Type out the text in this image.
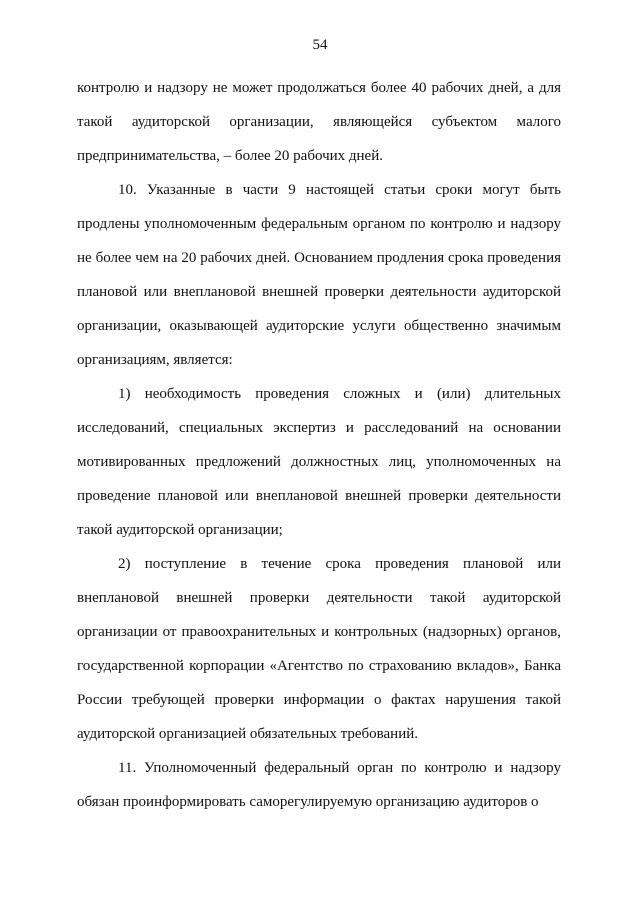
54

контролю и надзору не может продолжаться более 40 рабочих дней, а для такой аудиторской организации, являющейся субъектом малого предпринимательства, – более 20 рабочих дней.

10. Указанные в части 9 настоящей статьи сроки могут быть продлены уполномоченным федеральным органом по контролю и надзору не более чем на 20 рабочих дней. Основанием продления срока проведения плановой или внеплановой внешней проверки деятельности аудиторской организации, оказывающей аудиторские услуги общественно значимым организациям, является:

1) необходимость проведения сложных и (или) длительных исследований, специальных экспертиз и расследований на основании мотивированных предложений должностных лиц, уполномоченных на проведение плановой или внеплановой внешней проверки деятельности такой аудиторской организации;

2) поступление в течение срока проведения плановой или внеплановой внешней проверки деятельности такой аудиторской организации от правоохранительных и контрольных (надзорных) органов, государственной корпорации «Агентство по страхованию вкладов», Банка России требующей проверки информации о фактах нарушения такой аудиторской организацией обязательных требований.

11. Уполномоченный федеральный орган по контролю и надзору обязан проинформировать саморегулируемую организацию аудиторов о
